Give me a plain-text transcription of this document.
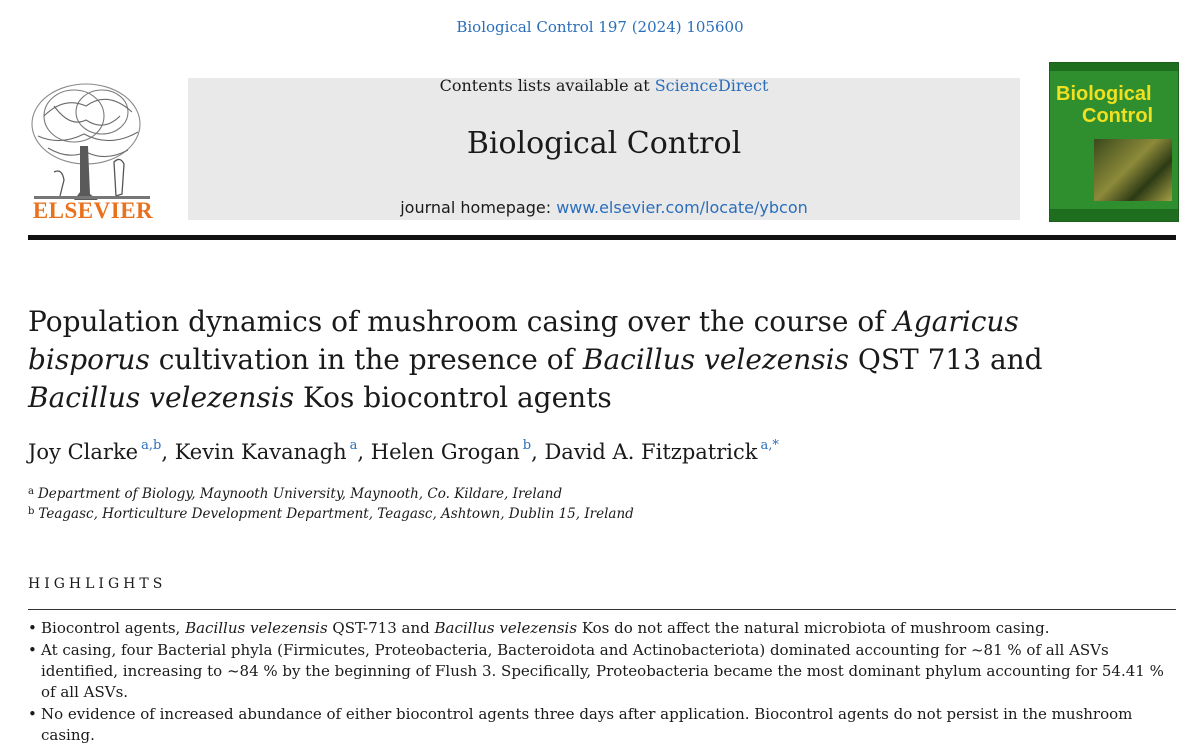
Biological Control 197 (2024) 105600
ELSEVIER
Contents lists available at ScienceDirect
Biological Control
journal homepage: www.elsevier.com/locate/ybcon
Biological
Control
Population dynamics of mushroom casing over the course of Agaricus bisporus cultivation in the presence of Bacillus velezensis QST 713 and
Bacillus velezensis Kos biocontrol agents
Joy Clarke $^{a,b}$, Kevin Kavanagh $^a$, Helen Grogan $^b$, David A. Fitzpatrick $^{a,*}$
$^a$ Department of Biology, Maynooth University, Maynooth, Co. Kildare, Ireland
$^b$ Teagasc, Horticulture Development Department, Teagasc, Ashtown, Dublin 15, Ireland
HIGHLIGHTS
• Biocontrol agents, Bacillus velezensis QST-713 and Bacillus velezensis Kos do not affect the natural microbiota of mushroom casing.
• At casing, four Bacterial phyla (Firmicutes, Proteobacteria, Bacteroidota and Actinobacteriota) dominated accounting for ~81 % of all ASVs identified, increasing to ~84 % by the beginning of Flush 3. Specifically, Proteobacteria became the most dominant phylum accounting for 54.41 % of all ASVs.
• No evidence of increased abundance of either biocontrol agents three days after application. Biocontrol agents do not persist in the mushroom casing.
